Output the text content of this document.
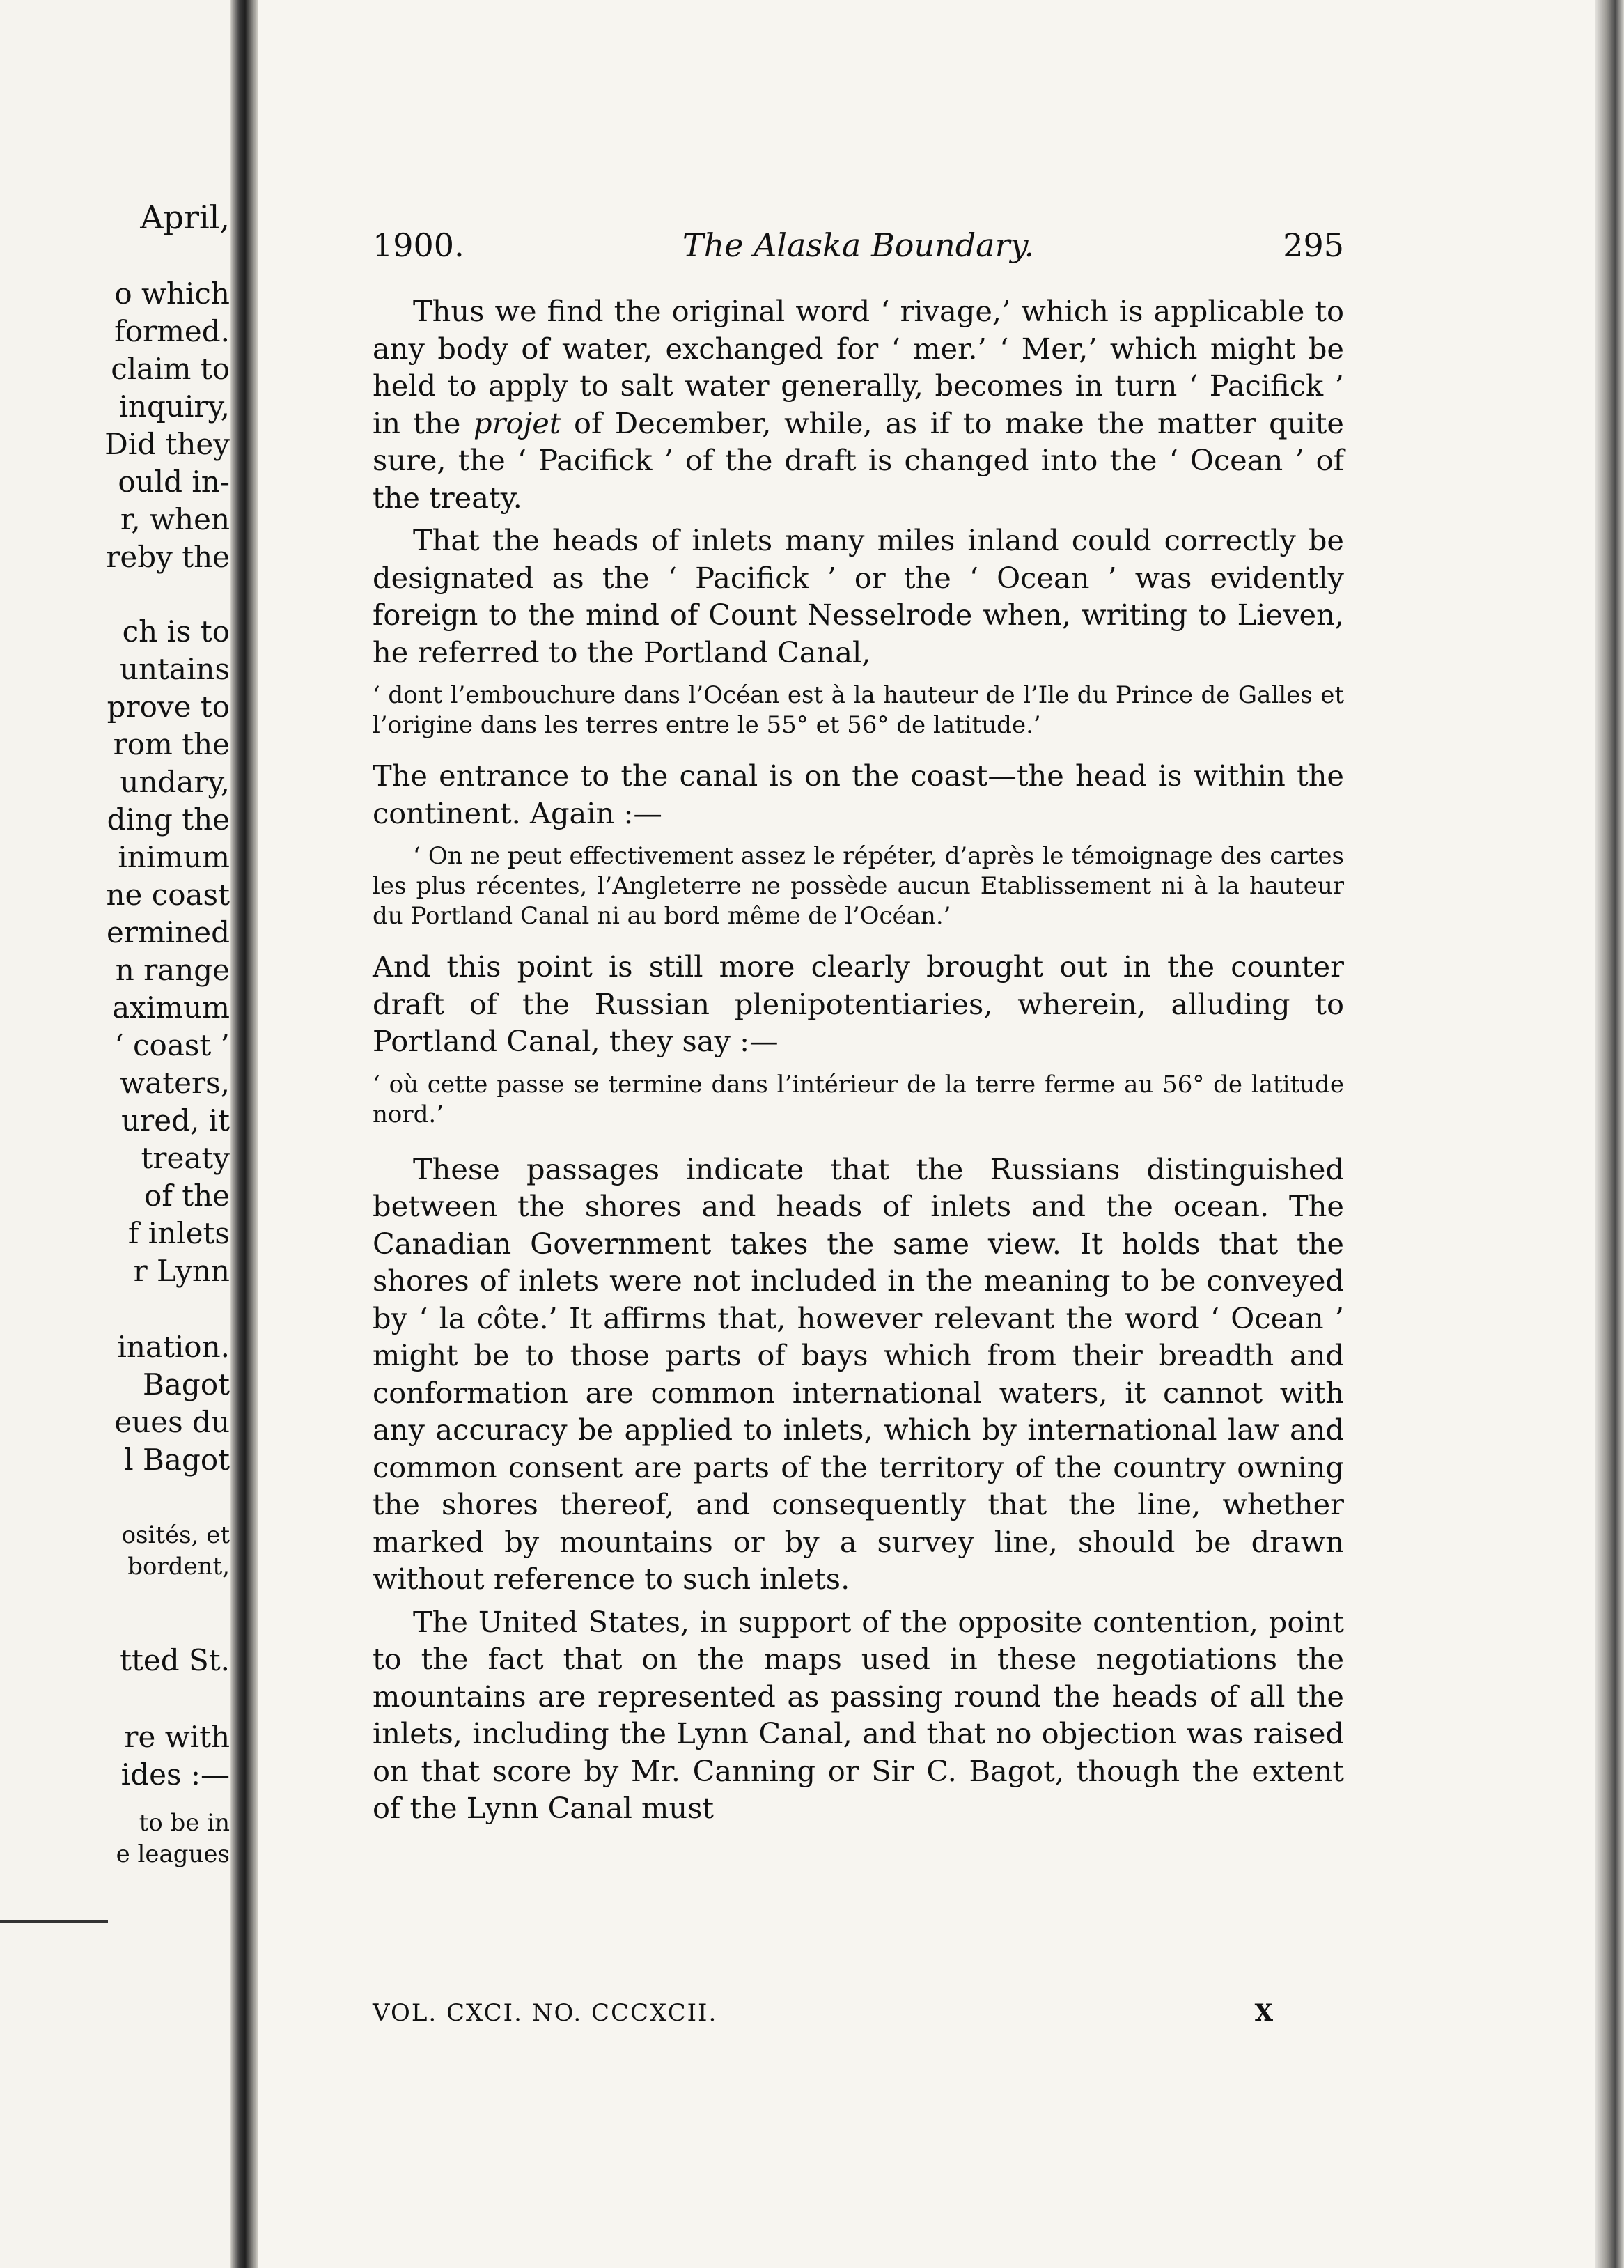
April,
o which
formed.
claim to
inquiry,
Did they
ould in-
r, when
reby the
ch is to
untains
prove to
rom the
undary,
ding the
inimum
ne coast
ermined
n range
aximum
‘ coast ’
waters,
ured, it
treaty
of the
f inlets
r Lynn
ination.
Bagot
eues du
l Bagot
osités, et
bordent,
tted St.
re with
ides :—
to be in
e leagues
1900.	The Alaska Boundary.	295

Thus we find the original word ‘ rivage,’ which is applicable to any body of water, exchanged for ‘ mer.’ ‘ Mer,’ which might be held to apply to salt water generally, becomes in turn ‘ Pacifick ’ in the projet of December, while, as if to make the matter quite sure, the ‘ Pacifick ’ of the draft is changed into the ‘ Ocean ’ of the treaty.

That the heads of inlets many miles inland could correctly be designated as the ‘ Pacifick ’ or the ‘ Ocean ’ was evidently foreign to the mind of Count Nesselrode when, writing to Lieven, he referred to the Portland Canal,

‘ dont l’embouchure dans l’Océan est à la hauteur de l’Ile du Prince de Galles et l’origine dans les terres entre le 55° et 56° de latitude.’

The entrance to the canal is on the coast—the head is within the continent. Again :—

‘ On ne peut effectivement assez le répéter, d’après le témoignage des cartes les plus récentes, l’Angleterre ne possède aucun Etablissement ni à la hauteur du Portland Canal ni au bord même de l’Océan.’

And this point is still more clearly brought out in the counter draft of the Russian plenipotentiaries, wherein, alluding to Portland Canal, they say :—

‘ où cette passe se termine dans l’intérieur de la terre ferme au 56° de latitude nord.’

These passages indicate that the Russians distinguished between the shores and heads of inlets and the ocean. The Canadian Government takes the same view. It holds that the shores of inlets were not included in the meaning to be conveyed by ‘ la côte.’ It affirms that, however relevant the word ‘ Ocean ’ might be to those parts of bays which from their breadth and conformation are common international waters, it cannot with any accuracy be applied to inlets, which by international law and common consent are parts of the territory of the country owning the shores thereof, and consequently that the line, whether marked by mountains or by a survey line, should be drawn without reference to such inlets.

The United States, in support of the opposite contention, point to the fact that on the maps used in these negotiations the mountains are represented as passing round the heads of all the inlets, including the Lynn Canal, and that no objection was raised on that score by Mr. Canning or Sir C. Bagot, though the extent of the Lynn Canal must

VOL. CXCI. NO. CCCXCII.	X
